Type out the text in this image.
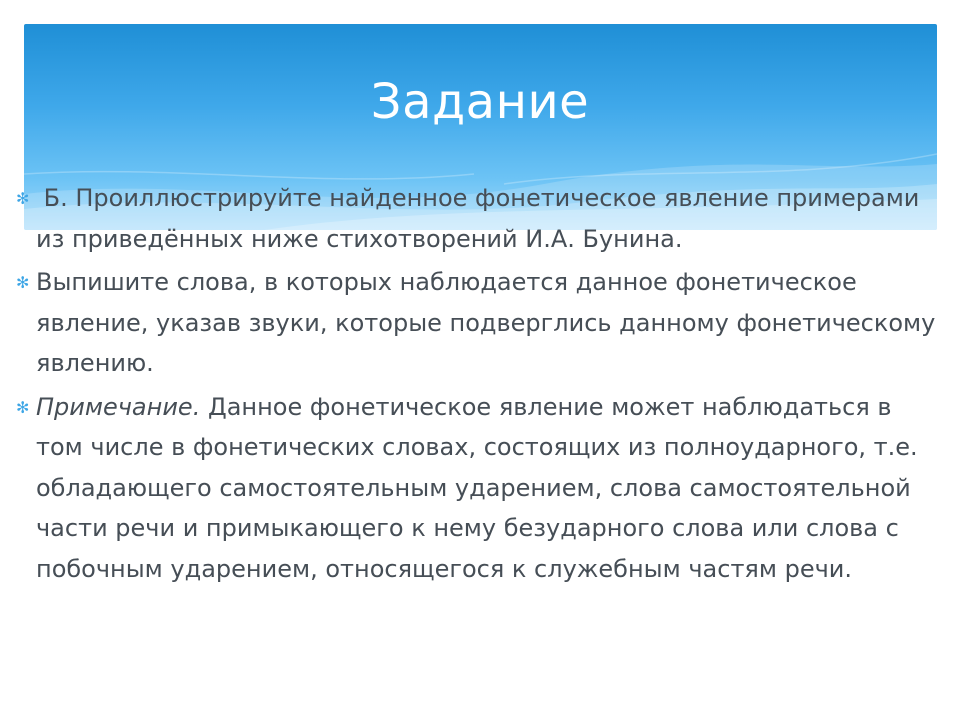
Задание
✻ Б. Проиллюстрируйте найденное фонетическое явление примерами из приведённых ниже стихотворений И.А. Бунина.
✻ Выпишите слова, в которых наблюдается данное фонетическое явление, указав звуки, которые подверглись данному фонетическому явлению.
✻ Примечание. Данное фонетическое явление может наблюдаться в том числе в фонетических словах, состоящих из полноударного, т.е. обладающего самостоятельным ударением, слова самостоятельной части речи и примыкающего к нему безударного слова или слова с побочным ударением, относящегося к служебным частям речи.
